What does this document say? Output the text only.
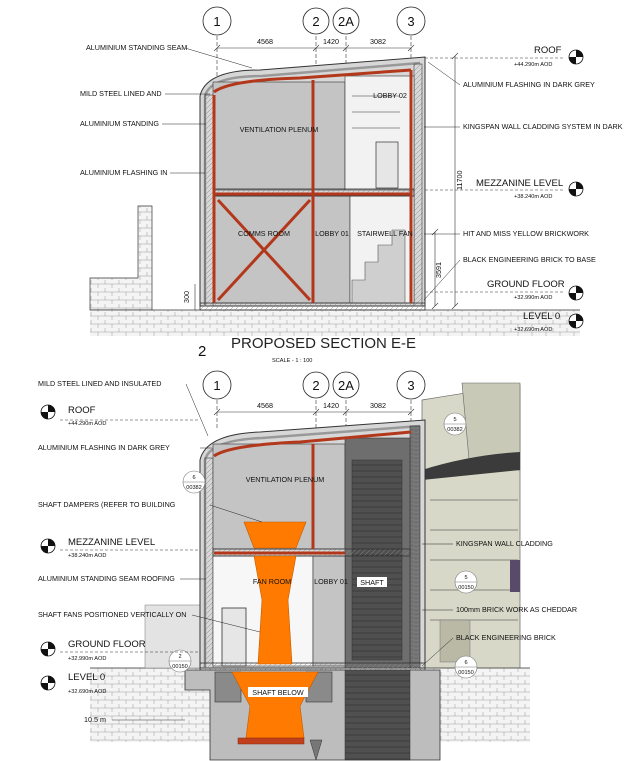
1	2 2A	3
4568	1420	3082
VENTILATION PLENUM
COMMS ROOM	LOBBY 01 STAIRWELL FAN
LOBBY 02
11700
3591
300
ALUMINIUM STANDING SEAM
MILD STEEL LINED AND
ALUMINIUM STANDING
ALUMINIUM FLASHING IN
ALUMINIUM FLASHING IN DARK GREY
KINGSPAN WALL CLADDING SYSTEM IN DARK
HIT AND MISS YELLOW BRICKWORK
BLACK ENGINEERING BRICK TO BASE
ROOF
+44.290m AOD
MEZZANINE LEVEL
+38.240m AOD
GROUND FLOOR
+32.990m AOD
LEVEL 0
+32.690m AOD
2 PROPOSED SECTION E-E
SCALE - 1 : 100
1	2 2A	3
4568	1420	3082
VENTILATION PLENUM
FAN ROOM	LOBBY 01 SHAFT
SHAFT BELOW
MILD STEEL LINED AND INSULATED
ALUMINIUM FLASHING IN DARK GREY
SHAFT DAMPERS (REFER TO BUILDING
ALUMINIUM STANDING SEAM ROOFING
SHAFT FANS POSITIONED VERTICALLY ON
KINGSPAN WALL CLADDING
100mm BRICK WORK AS CHEDDAR
BLACK ENGINEERING BRICK
6
00382
5
00382
5
00150
2
00150
6
00150
ROOF
+44.290m AOD
MEZZANINE LEVEL
+38.240m AOD
GROUND FLOOR
+32.990m AOD
LEVEL 0
+32.690m AOD
10.5 m
